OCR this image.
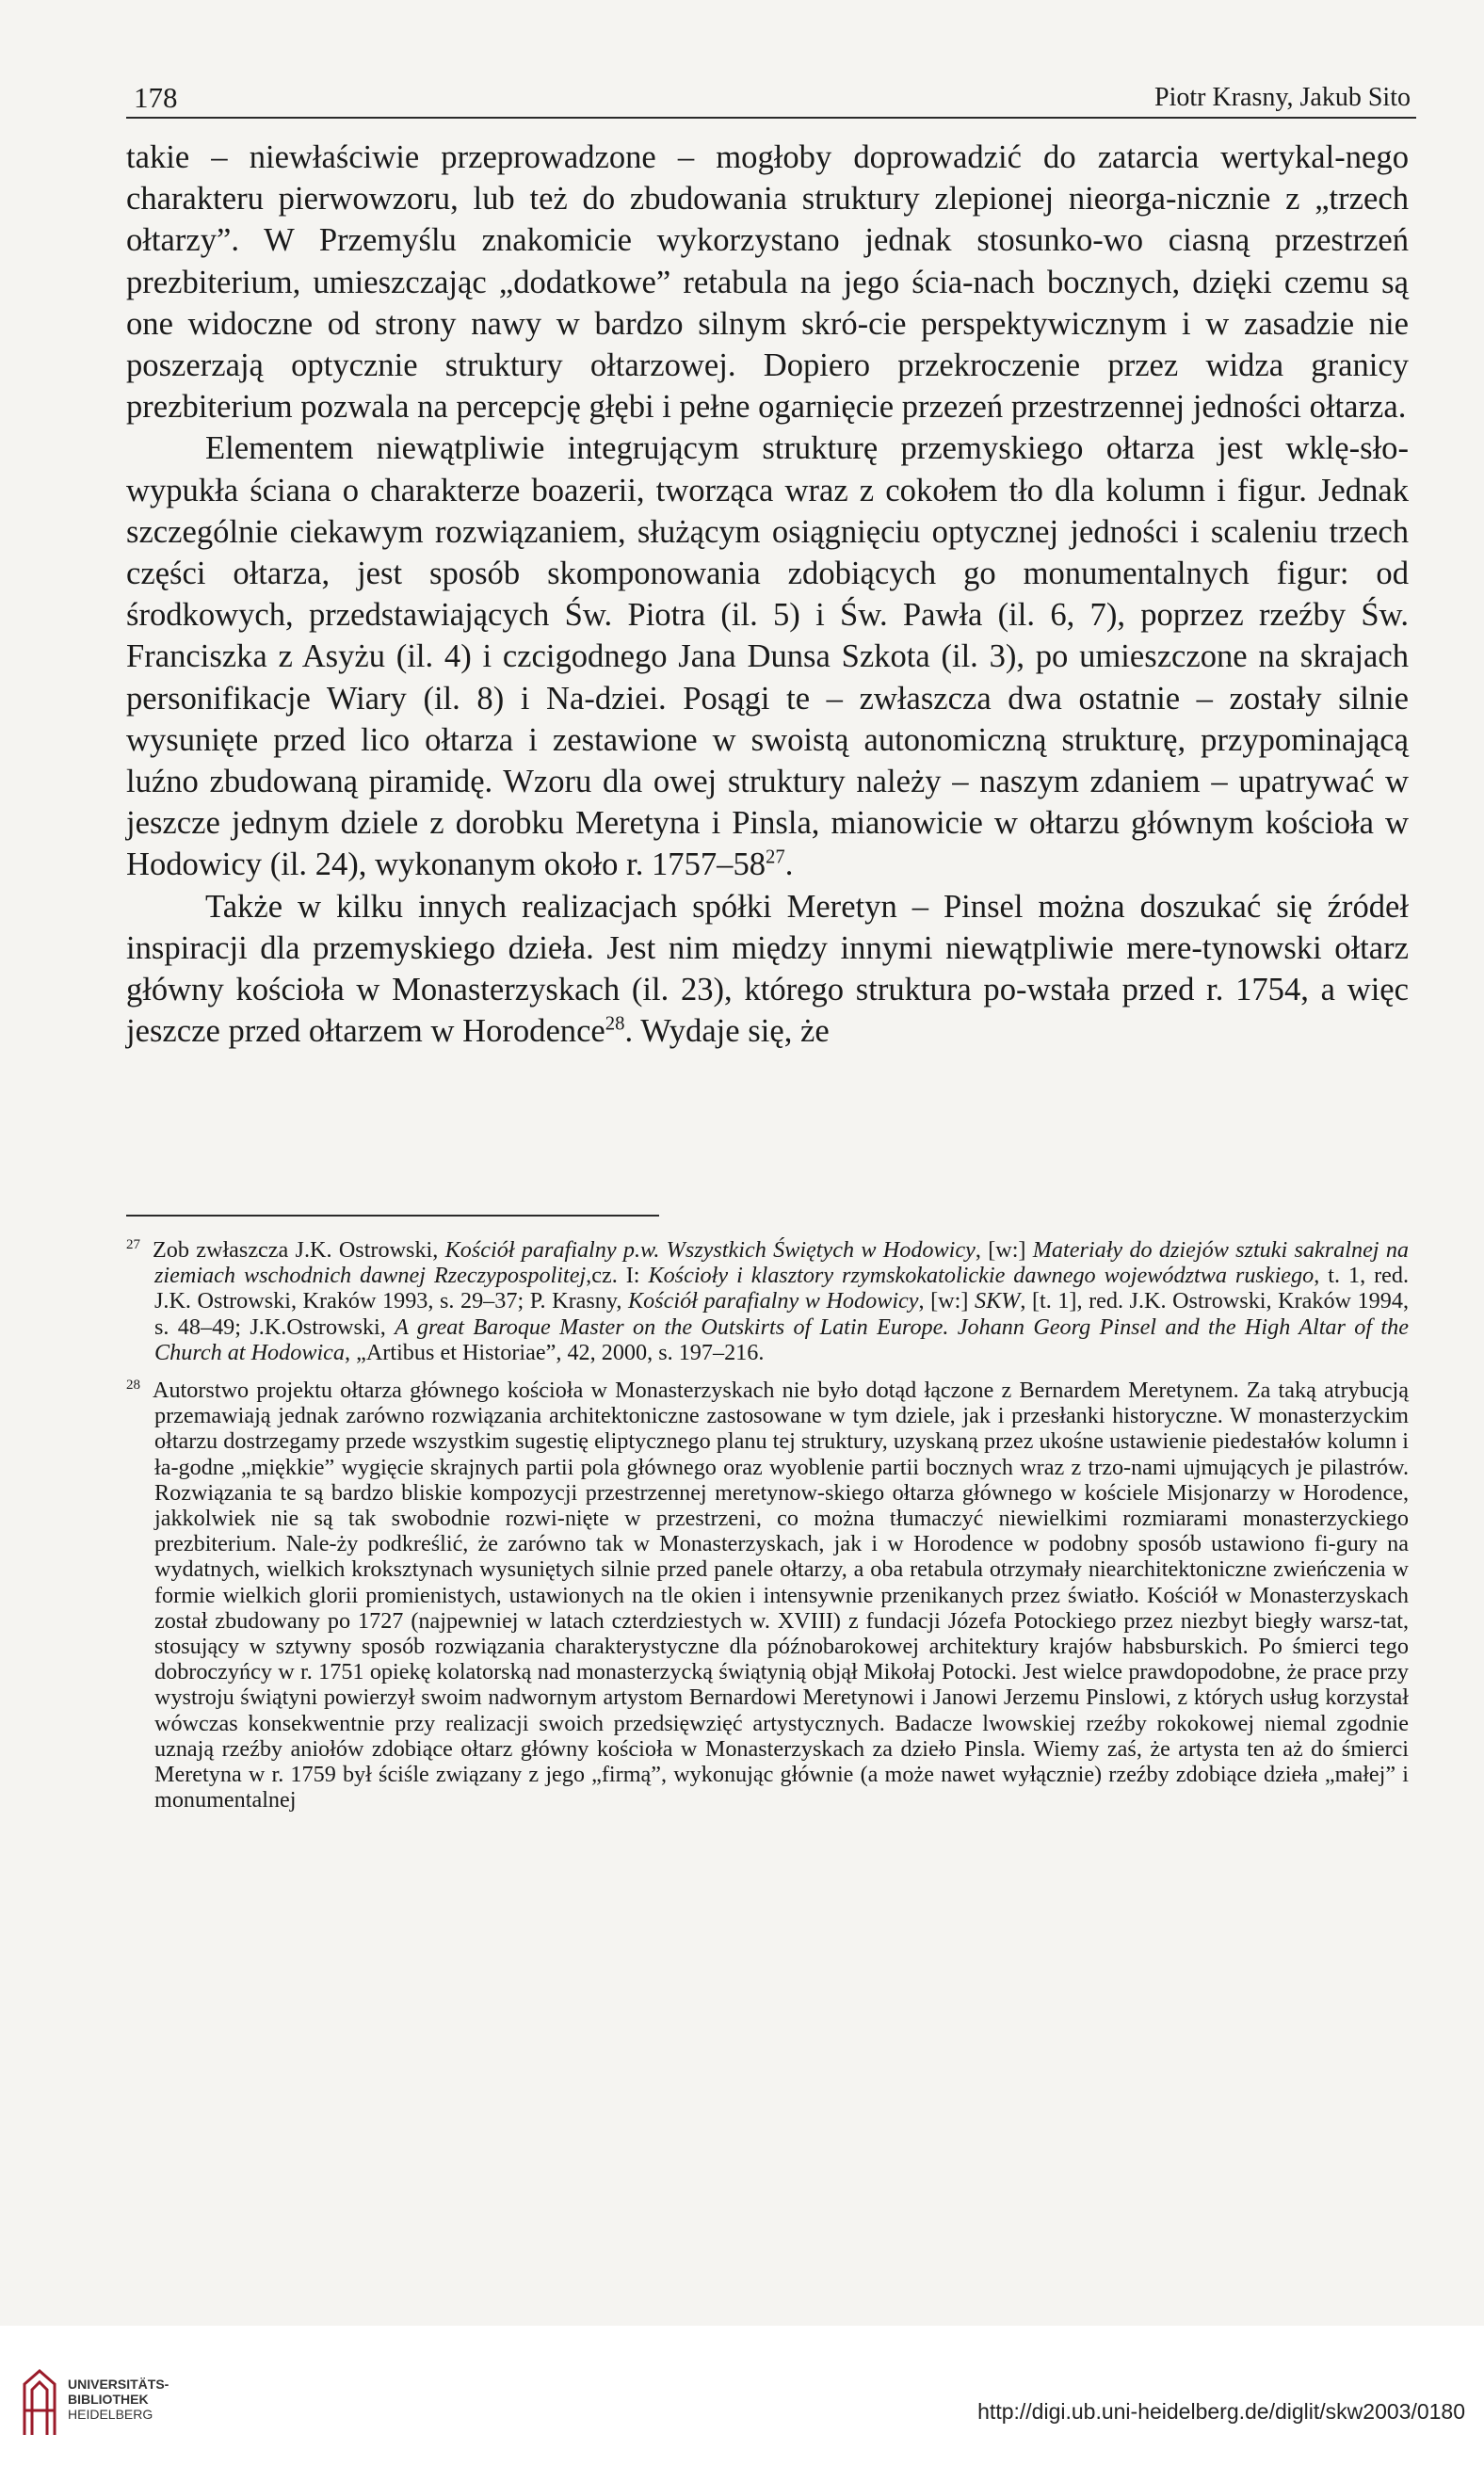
178	Piotr Krasny, Jakub Sito

takie – niewłaściwie przeprowadzone – mogłoby doprowadzić do zatarcia wertykal-nego charakteru pierwowzoru, lub też do zbudowania struktury zlepionej nieorga-nicznie z „trzech ołtarzy”. W Przemyślu znakomicie wykorzystano jednak stosunko-wo ciasną przestrzeń prezbiterium, umieszczając „dodatkowe” retabula na jego ścia-nach bocznych, dzięki czemu są one widoczne od strony nawy w bardzo silnym skró-cie perspektywicznym i w zasadzie nie poszerzają optycznie struktury ołtarzowej. Dopiero przekroczenie przez widza granicy prezbiterium pozwala na percepcję głębi i pełne ogarnięcie przezeń przestrzennej jedności ołtarza.

Elementem niewątpliwie integrującym strukturę przemyskiego ołtarza jest wklę-sło-wypukła ściana o charakterze boazerii, tworząca wraz z cokołem tło dla kolumn i figur. Jednak szczególnie ciekawym rozwiązaniem, służącym osiągnięciu optycznej jedności i scaleniu trzech części ołtarza, jest sposób skomponowania zdobiących go monumentalnych figur: od środkowych, przedstawiających Św. Piotra (il. 5) i Św. Pawła (il. 6, 7), poprzez rzeźby Św. Franciszka z Asyżu (il. 4) i czcigodnego Jana Dunsa Szkota (il. 3), po umieszczone na skrajach personifikacje Wiary (il. 8) i Na-dziei. Posągi te – zwłaszcza dwa ostatnie – zostały silnie wysunięte przed lico ołtarza i zestawione w swoistą autonomiczną strukturę, przypominającą luźno zbudowaną piramidę. Wzoru dla owej struktury należy – naszym zdaniem – upatrywać w jeszcze jednym dziele z dorobku Meretyna i Pinsla, mianowicie w ołtarzu głównym kościoła w Hodowicy (il. 24), wykonanym około r. $1757-58^{27}$.

Także w kilku innych realizacjach spółki Meretyn – Pinsel można doszukać się źródeł inspiracji dla przemyskiego dzieła. Jest nim między innymi niewątpliwie mere-tynowski ołtarz główny kościoła w Monasterzyskach (il. 23), którego struktura po-wstała przed r. 1754, a więc jeszcze przed ołtarzem w Horodence$^{28}$. Wydaje się, że

27 Zob zwłaszcza J.K. Ostrowski, Kościół parafialny p.w. Wszystkich Świętych w Hodowicy, [w:] Materiały do dziejów sztuki sakralnej na ziemiach wschodnich dawnej Rzeczypospolitej,cz. I: Kościoły i klasztory rzymskokatolickie dawnego województwa ruskiego, t. 1, red. J.K. Ostrowski, Kraków 1993, s. 29–37; P. Krasny, Kościół parafialny w Hodowicy, [w:] SKW, [t. 1], red. J.K. Ostrowski, Kraków 1994, s. 48–49; J.K.Ostrowski, A great Baroque Master on the Outskirts of Latin Europe. Johann Georg Pinsel and the High Altar of the Church at Hodowica, „Artibus et Historiae”, 42, 2000, s. 197–216.

28 Autorstwo projektu ołtarza głównego kościoła w Monasterzyskach nie było dotąd łączone z Bernardem Meretynem. Za taką atrybucją przemawiają jednak zarówno rozwiązania architektoniczne zastosowane w tym dziele, jak i przesłanki historyczne. W monasterzyckim ołtarzu dostrzegamy przede wszystkim sugestię eliptycznego planu tej struktury, uzyskaną przez ukośne ustawienie piedestałów kolumn i ła-godne „miękkie” wygięcie skrajnych partii pola głównego oraz wyoblenie partii bocznych wraz z trzo-nami ujmujących je pilastrów. Rozwiązania te są bardzo bliskie kompozycji przestrzennej meretynow-skiego ołtarza głównego w kościele Misjonarzy w Horodence, jakkolwiek nie są tak swobodnie rozwi-nięte w przestrzeni, co można tłumaczyć niewielkimi rozmiarami monasterzyckiego prezbiterium. Nale-ży podkreślić, że zarówno tak w Monasterzyskach, jak i w Horodence w podobny sposób ustawiono fi-gury na wydatnych, wielkich kroksztynach wysuniętych silnie przed panele ołtarzy, a oba retabula otrzymały niearchitektoniczne zwieńczenia w formie wielkich glorii promienistych, ustawionych na tle okien i intensywnie przenikanych przez światło. Kościół w Monasterzyskach został zbudowany po 1727 (najpewniej w latach czterdziestych w. XVIII) z fundacji Józefa Potockiego przez niezbyt biegły warsz-tat, stosujący w sztywny sposób rozwiązania charakterystyczne dla późnobarokowej architektury krajów habsburskich. Po śmierci tego dobroczyńcy w r. 1751 opiekę kolatorską nad monasterzycką świątynią objął Mikołaj Potocki. Jest wielce prawdopodobne, że prace przy wystroju świątyni powierzył swoim nadwornym artystom Bernardowi Meretynowi i Janowi Jerzemu Pinslowi, z których usług korzystał wówczas konsekwentnie przy realizacji swoich przedsięwzięć artystycznych. Badacze lwowskiej rzeźby rokokowej niemal zgodnie uznają rzeźby aniołów zdobiące ołtarz główny kościoła w Monasterzyskach za dzieło Pinsla. Wiemy zaś, że artysta ten aż do śmierci Meretyna w r. 1759 był ściśle związany z jego „firmą”, wykonując głównie (a może nawet wyłącznie) rzeźby zdobiące dzieła „małej” i monumentalnej

UNIVERSITÄTS-
BIBLIOTHEK
HEIDELBERG	http://digi.ub.uni-heidelberg.de/diglit/skw2003/0180
